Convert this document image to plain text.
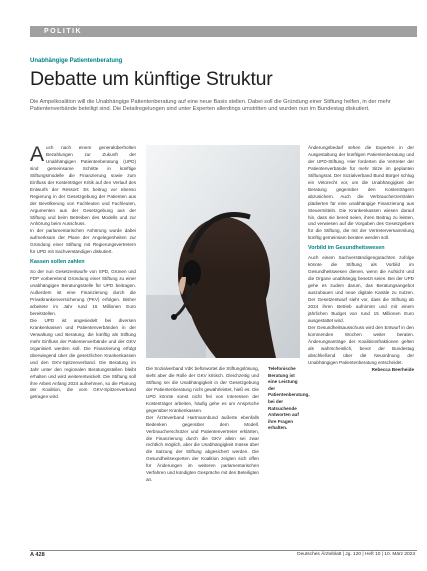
POLITIK
Unabhängige Patientenberatung
Debatte um künftige Struktur
Die Ampelkoalition will die Unabhängige Patientenberatung auf eine neue Basis stellen. Dabei soll die Gründung einer Stiftung helfen, in der mehr Patientenverbände beteiligt sind. Die Detailregelungen sind unter Experten allerdings umstritten und wurden nun im Bundestag diskutiert.

Auch nach einem generalüberholten Bezahlungen zur Zukunft der Unabhängigen Patientenberatung (UPD) sind gemeinsame Schritte in künftige Stiftungsmodelle die Finanzierung sowie zum Einfluss der Kostenträger Kritik auf den Verlauf des Entwurfs der Ressort: Es beitrug vor ebenso Regierung in der Gesetzgebung der Patienten aus der Bevölkerung von Fachleuten und Fachleuten, Argumenten aus der Gesetzgebung aus der Stiftung und beim Betreiben des Modells und zur Anhörung beim Ausschuss.

In der parlamentarischen Anhörung wurde dabei aufmerksam der Plane der Angelegenheiten zur Gründung einer Stiftung mit Regierungsvertretern für UPD mit Sachverständigen diskutiert.

Kassen sollen zahlen

So der nun Gesetzentwurfe von SPD, Grünen und FDP vorbereitend Gründung einer Stiftung zu einer unabhängigen Beratungsstelle für UPD beitragen. Außerdem ist eine Finanzierung durch die Privatkrankenversicherung (PKV) erfolgen. Bisher arbeitete im Jahr rund 15 Millionen Euro bereitstellen.

Die UPD ist angesiedelt bei diversen Krankenkassen und Patientenverbänden in der Verwaltung und Beratung, die künftig als Stiftung mehr Einfluss der Patientenverbände und der GKV organisiert werden soll. Die Finanzierung erfolgt überwiegend über die gesetzlichen Krankenkassen und den GKV-Spitzenverband. Die Beratung im Jahr unter den regionalen Beratungsstellen bleibt erhalten und wird weiterentwickelt. Die Stiftung soll ihre Arbeit Anfang 2024 aufnehmen, so die Planung der Koalition, die vom GKV-Spitzenverband getragen wird.

Die Sozialverband VdK befürwortet die Stiftungslösung, sieht aber die Rolle der GKV kritisch. Gleichzeitig und Stiftung sei die Unabhängigkeit in der Gesetzgebung der Patientenberatung nicht gewährleistet, hieß es. Die UPD könnte sonst nicht frei von Interessen der Kostenträger arbeiten, häufig gehe es um Ansprüche gegenüber Krankenkassen.

Der Ärzteverband Hartmannbund äußerte ebenfalls Bedenken gegenüber dem Modell. Verbraucherschützer und Patientenvertreter erklärten, die Finanzierung durch die GKV allein sei zwar rechtlich möglich, aber die Unabhängigkeit müsse über die Satzung der Stiftung abgesichert werden. Die Gesundheitsexperten der Koalition zeigten sich offen für Änderungen im weiteren parlamentarischen Verfahren und kündigten Gespräche mit den Beteiligten an.

Telefonische Beratung ist eine Leistung der Patientenberatung, bei der Ratsuchende Antworten auf ihre Fragen erhalten.

Änderungsbedarf sehen die Experten in der Ausgestaltung der künftigen Patientenberatung und der UPD-Stiftung. Hier forderten die Vertreter der Patientenverbände für mehr Sitze im geplanten Stiftungsrat. Der Sozialverband Bund Bürger schlug ein Vetorecht vor, um die Unabhängigkeit der Beratung gegenüber den Kostenträgern abzusichern. Auch die Verbraucherzentralen plädierten für eine unabhängige Finanzierung aus Steuermitteln. Die Krankenkassen wiesen darauf hin, dass sie bereit seien, ihren Beitrag zu leisten, und verwiesen auf die Vorgaben des Gesetzgebers für die Stiftung, die mit der Vertreterversammlung künftig gemeinsam beraten werden soll.

Vorbild im Gesundheitswesen

Auch einem Sachverständigengutachten zufolge könnte die Stiftung als Vorbild im Gesundheitswesen dienen, wenn die Aufsicht und die Organe unabhängig besetzt seien. Bei der UPD gehe es zudem darum, das Beratungsangebot auszubauen und neue digitale Kanäle zu nutzen. Der Gesetzentwurf sieht vor, dass die Stiftung ab 2024 ihren Betrieb aufnimmt und mit einem jährlichen Budget von rund 15 Millionen Euro ausgestattet wird.

Der Gesundheitsausschuss wird den Entwurf in den kommenden Wochen weiter beraten. Änderungsanträge der Koalitionsfraktionen gelten als wahrscheinlich, bevor der Bundestag abschließend über die Neuordnung der Unabhängigen Patientenberatung entscheidet.

Rebecca Beerheide

A 428	Deutsches Ärzteblatt | Jg. 120 | Heft 10 | 10. März 2023
